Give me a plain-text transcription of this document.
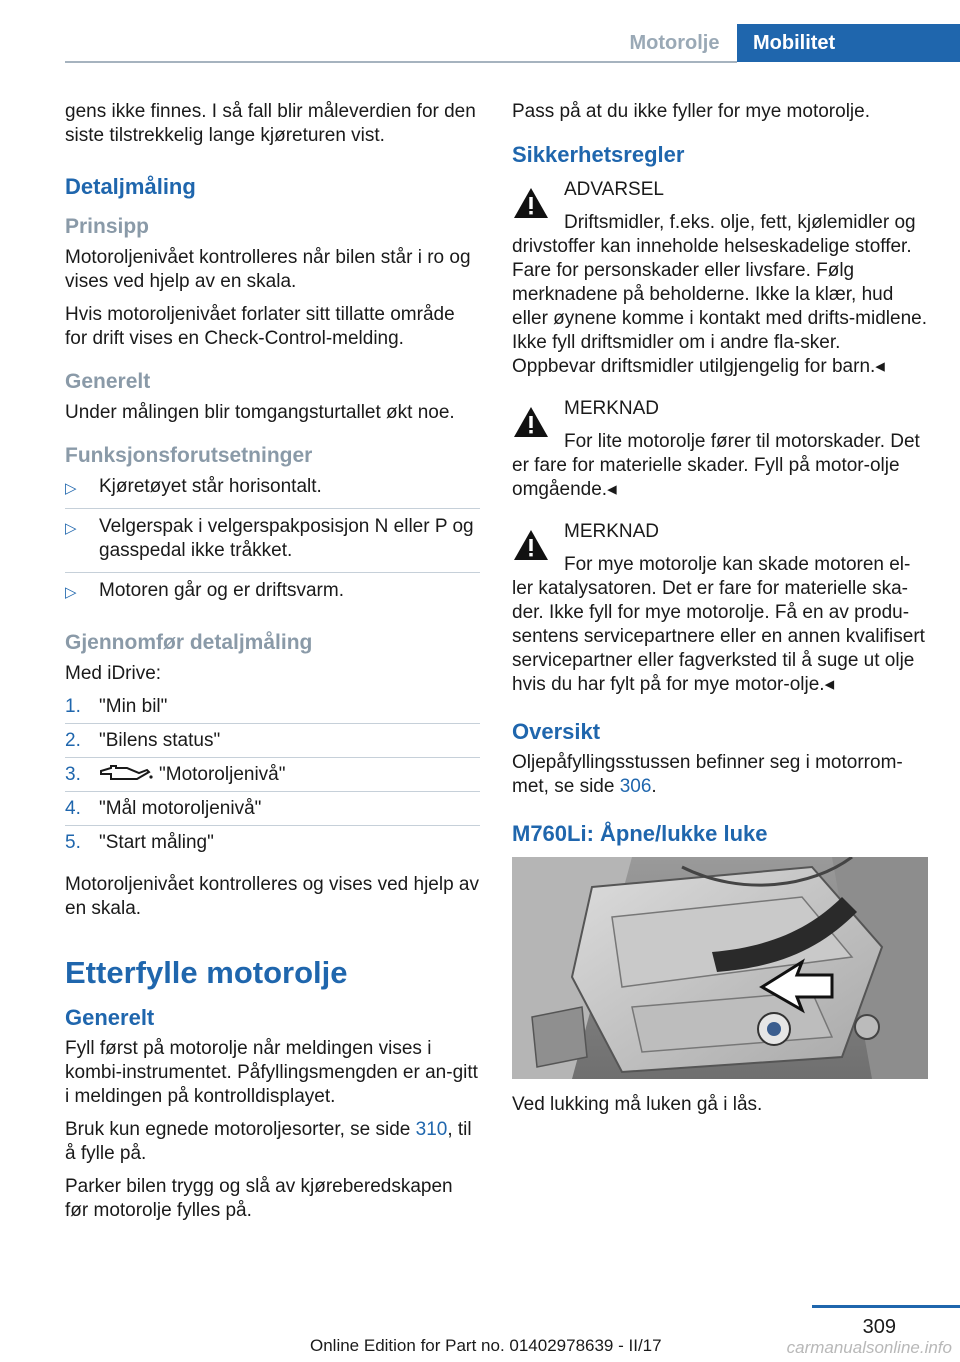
Motorolje	Mobilitet

gens ikke finnes. I så fall blir måleverdien for den siste tilstrekkelig lange kjøreturen vist.

Detaljmåling
Prinsipp

Motoroljenivået kontrolleres når bilen står i ro og vises ved hjelp av en skala.

Hvis motoroljenivået forlater sitt tillatte område for drift vises en Check-Control-melding.

Generelt

Under målingen blir tomgangsturtallet økt noe.

Funksjonsforutsetninger
▷ Kjøretøyet står horisontalt.
▷ Velgerspak i velgerspakposisjon N eller P og gasspedal ikke tråkket.
▷ Motoren går og er driftsvarm.
Gjennomfør detaljmåling

Med iDrive:

1. "Min bil"
2. "Bilens status"
3.	"Motoroljenivå"
4. "Mål motoroljenivå"
5. "Start måling"

Motoroljenivået kontrolleres og vises ved hjelp av en skala.

Etterfylle motorolje
Generelt

Fyll først på motorolje når meldingen vises i kombi-instrumentet. Påfyllingsmengden er an-gitt i meldingen på kontrolldisplayet.

Bruk kun egnede motoroljesorter, se side 310, til å fylle på.

Parker bilen trygg og slå av kjøreberedskapen før motorolje fylles på.

Pass på at du ikke fyller for mye motorolje.

Sikkerhetsregler
ADVARSEL
Driftsmidler, f.eks. olje, fett, kjølemidler og drivstoffer kan inneholde helseskadelige stoffer. Fare for personskader eller livsfare. Følg merknadene på beholderne. Ikke la klær, hud eller øynene komme i kontakt med drifts-midlene. Ikke fyll driftsmidler om i andre fla-sker. Oppbevar driftsmidler utilgjengelig for barn.◂
MERKNAD
For lite motorolje fører til motorskader. Det er fare for materielle skader. Fyll på motor-olje omgående.◂
MERKNAD
For mye motorolje kan skade motoren el- ler katalysatoren. Det er fare for materielle ska-der. Ikke fyll for mye motorolje. Få en av produ-sentens servicepartnere eller en annen kvalifisert servicepartner eller fagverksted til å suge ut olje hvis du har fylt på for mye motor-olje.◂
Oversikt

Oljepåfyllingsstussen befinner seg i motorrom-met, se side 306.

M760Li: Åpne/lukke luke

Ved lukking må luken gå i lås.

309
Online Edition for Part no. 01402978639 - II/17	carmanualsonline.info
